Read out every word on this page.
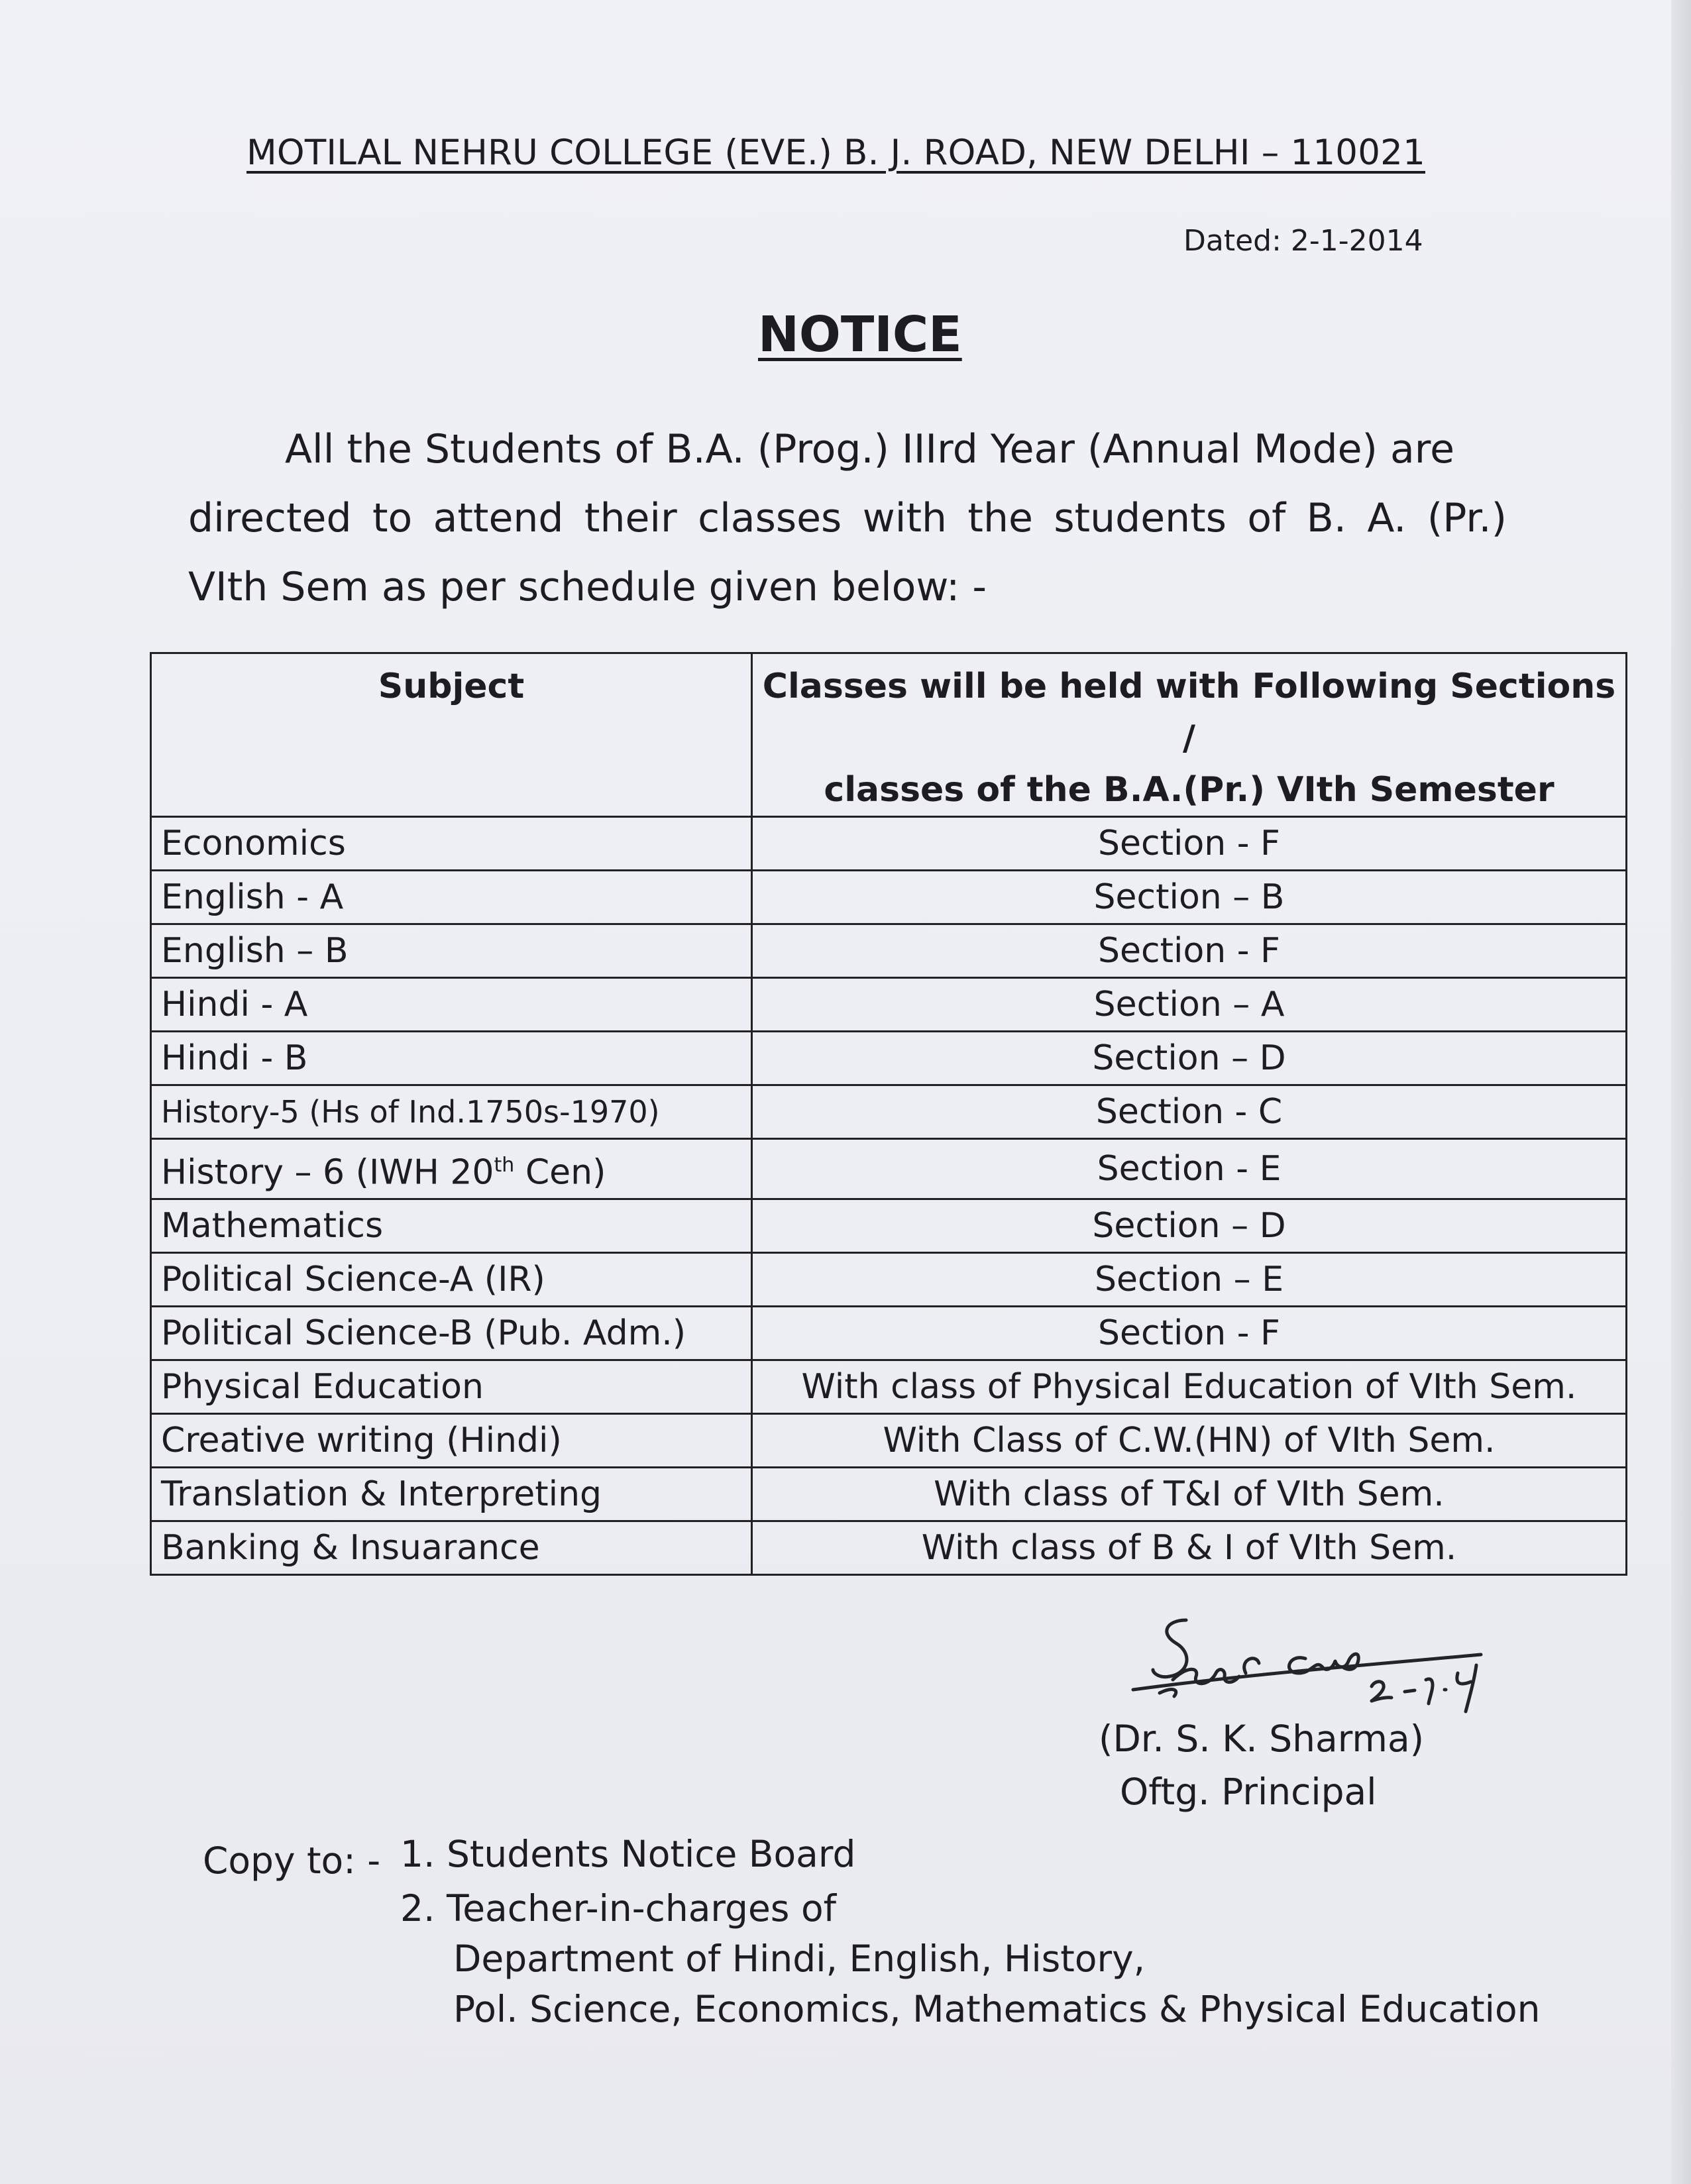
MOTILAL NEHRU COLLEGE (EVE.) B. J. ROAD, NEW DELHI – 110021
Dated: 2-1-2014
NOTICE
All the Students of B.A. (Prog.) IIIrd Year (Annual Mode) are
directed to attend their classes with the students of B. A. (Pr.)
VIth Sem as per schedule given below: -
Subject	Classes will be held with Following Sections /
classes of the B.A.(Pr.) VIth Semester
Economics	Section - F
English - A	Section – B
English – B	Section - F
Hindi - A	Section – A
Hindi - B	Section – D
History-5 (Hs of Ind.1750s-1970)	Section - C
History – 6 (IWH 20th Cen)	Section - E
Mathematics	Section – D
Political Science-A (IR)	Section – E
Political Science-B (Pub. Adm.)	Section - F
Physical Education	With class of Physical Education of VIth Sem.
Creative writing (Hindi)	With Class of C.W.(HN) of VIth Sem.
Translation & Interpreting	With class of T&I of VIth Sem.
Banking & Insuarance	With class of B & I of VIth Sem.
(Dr. S. K. Sharma)
Oftg. Principal
Copy to: - 1. Students Notice Board
2. Teacher-in-charges of
Department of Hindi, English, History,
Pol. Science, Economics, Mathematics & Physical Education
